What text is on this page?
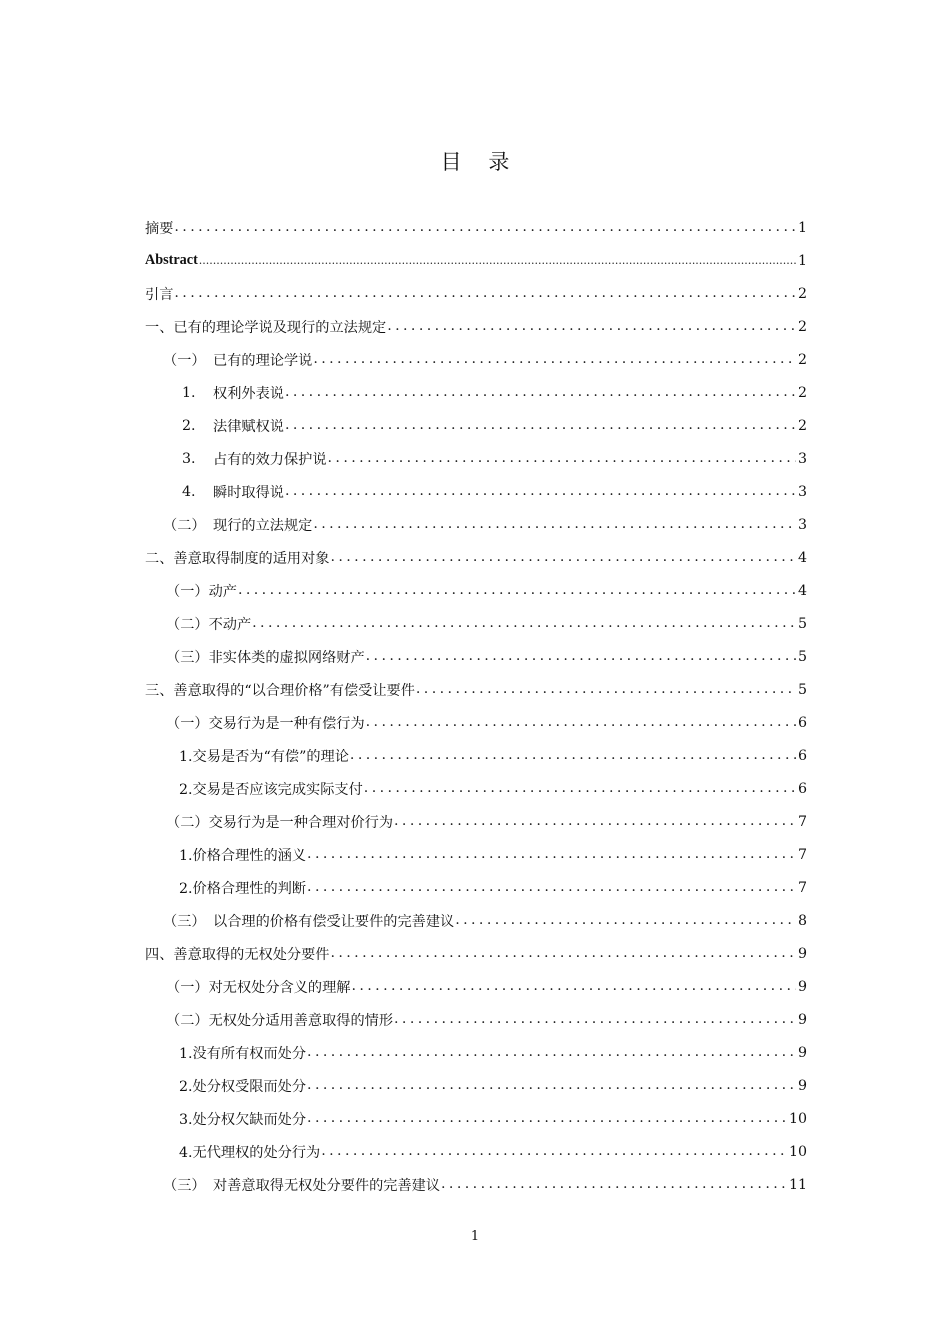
目 录
摘要 .....	1
Abstract .....	1
引言 .....	2
一、已有的理论学说及现行的立法规定 .....	2
（一） 已有的理论学说 .....	2
1.	权利外表说 .....	2
2.	法律赋权说 .....	2
3.	占有的效力保护说 .....	3
4.	瞬时取得说 .....	3
（二） 现行的立法规定 .....	3
二、善意取得制度的适用对象 .....	4
（一）动产 .....	4
（二）不动产 .....	5
（三）非实体类的虚拟网络财产 .....	5
三、善意取得的“以合理价格”有偿受让要件 .....	5
（一）交易行为是一种有偿行为 .....	6
1.交易是否为“有偿”的理论 .....	6
2.交易是否应该完成实际支付 .....	6
（二）交易行为是一种合理对价行为 .....	7
1.价格合理性的涵义 .....	7
2.价格合理性的判断 .....	7
（三） 以合理的价格有偿受让要件的完善建议 .....	8
四、善意取得的无权处分要件 .....	9
（一）对无权处分含义的理解 .....	9
（二）无权处分适用善意取得的情形 .....	9
1.没有所有权而处分 .....	9
2.处分权受限而处分 .....	9
3.处分权欠缺而处分 .....	10
4.无代理权的处分行为 .....	10
（三） 对善意取得无权处分要件的完善建议 .....	11
1
